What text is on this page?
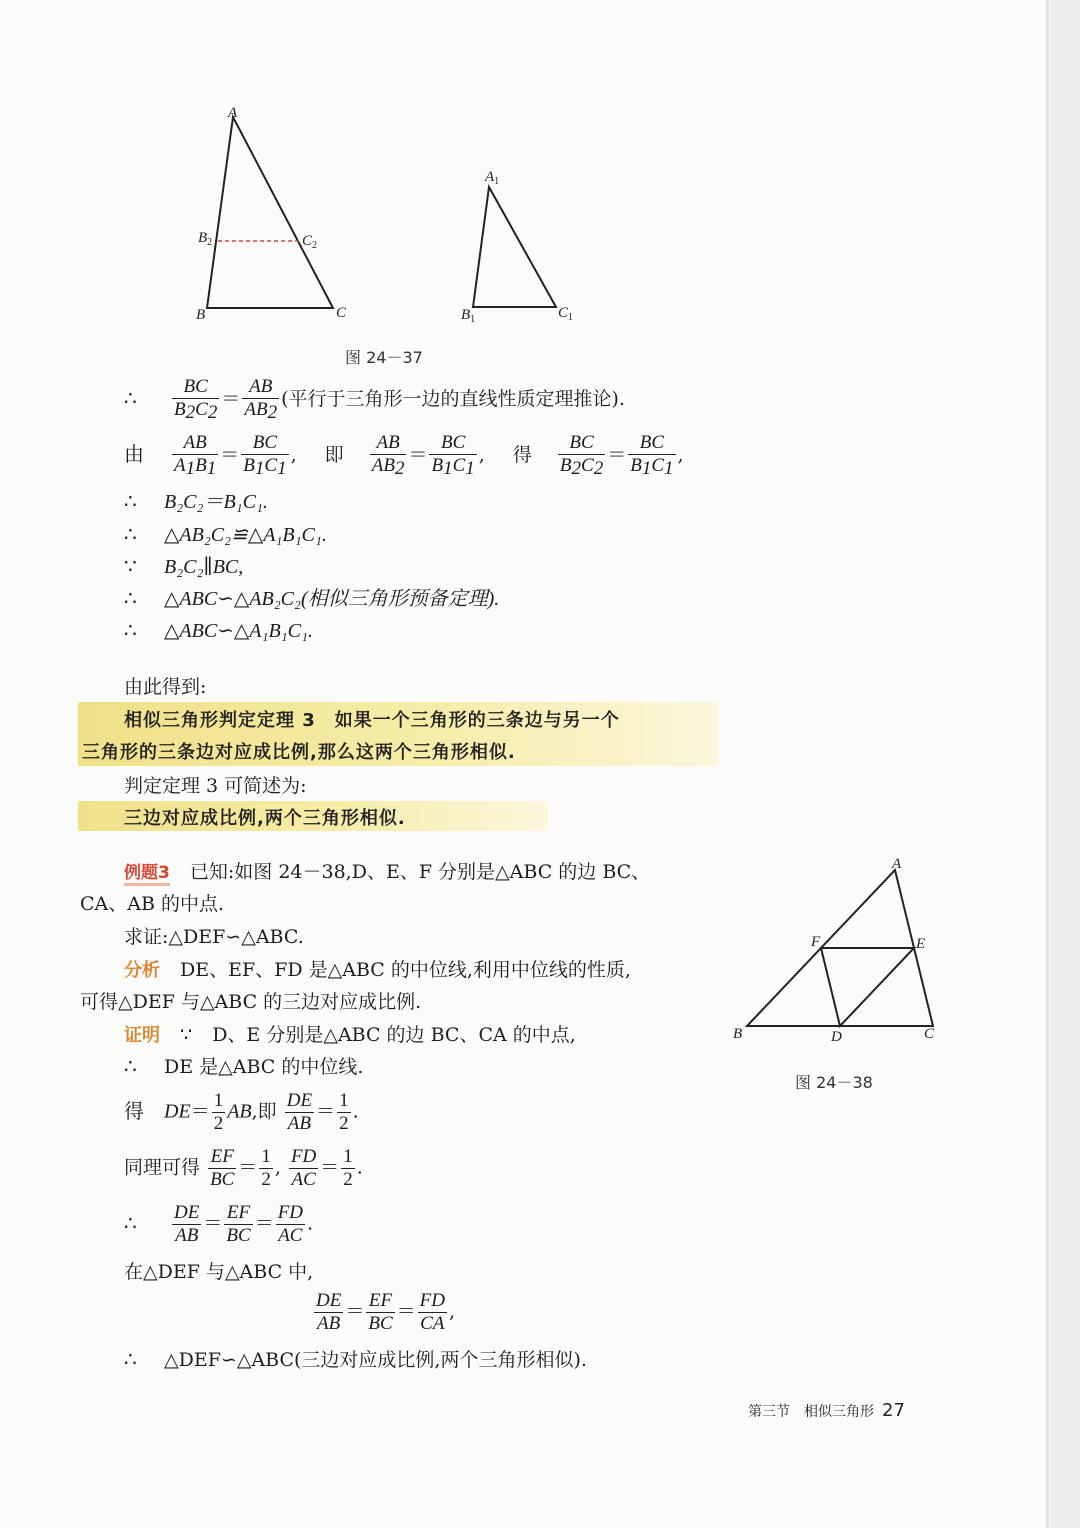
A
B	C
$B_2$	$C_2$
$A_1$
$B_1$	$C_1$
图 24－37
∴ $\frac{BC}{B2C2} = \frac{AB}{AB2}$ (平行于三角形一边的直线性质定理推论).
由 $\frac{AB}{A1B1} = \frac{BC}{B1C1}$ , 即 $\frac{AB}{AB2} = \frac{BC}{B1C1}$ , 得 $\frac{BC}{B2C2} = \frac{BC}{B1C1}$ ,
∴ B₂C₂＝B₁C₁.
∴ △AB₂C₂≌△A₁B₁C₁.
∵ B₂C₂∥BC,
∴ △ABC∽△AB₂C₂(相似三角形预备定理).
∴ △ABC∽△A₁B₁C₁.
由此得到:
相似三角形判定定理 3　如果一个三角形的三条边与另一个
三角形的三条边对应成比例,那么这两个三角形相似.
判定定理 3 可简述为:
三边对应成比例,两个三角形相似.
例题3 已知:如图 24－38,D、E、F 分别是△ABC 的边 BC、
CA、AB 的中点.
求证:△DEF∽△ABC.
分析 DE、EF、FD 是△ABC 的中位线,利用中位线的性质,
可得△DEF 与△ABC 的三边对应成比例.
证明 ∵ D、E 分别是△ABC 的边 BC、CA 的中点,
∴ DE 是△ABC 的中位线.
得 $DE= \frac{1}{2}$ AB,即 $\frac{DE}{AB} = \frac{1}{2}$ .
同理可得 $\frac{EF}{BC} = \frac{1}{2}$ , $\frac{FD}{AC} = \frac{1}{2}$ .
∴ $\frac{DE}{AB} = \frac{EF}{BC} = \frac{FD}{AC}$ .
在△DEF 与△ABC 中,
$\frac{DE}{AB} = \frac{EF}{BC} = \frac{FD}{CA}$ ,
∴ △DEF∽△ABC(三边对应成比例,两个三角形相似).
A
B	C
D
E
F
图 24－38
第三节　相似三角形 27
